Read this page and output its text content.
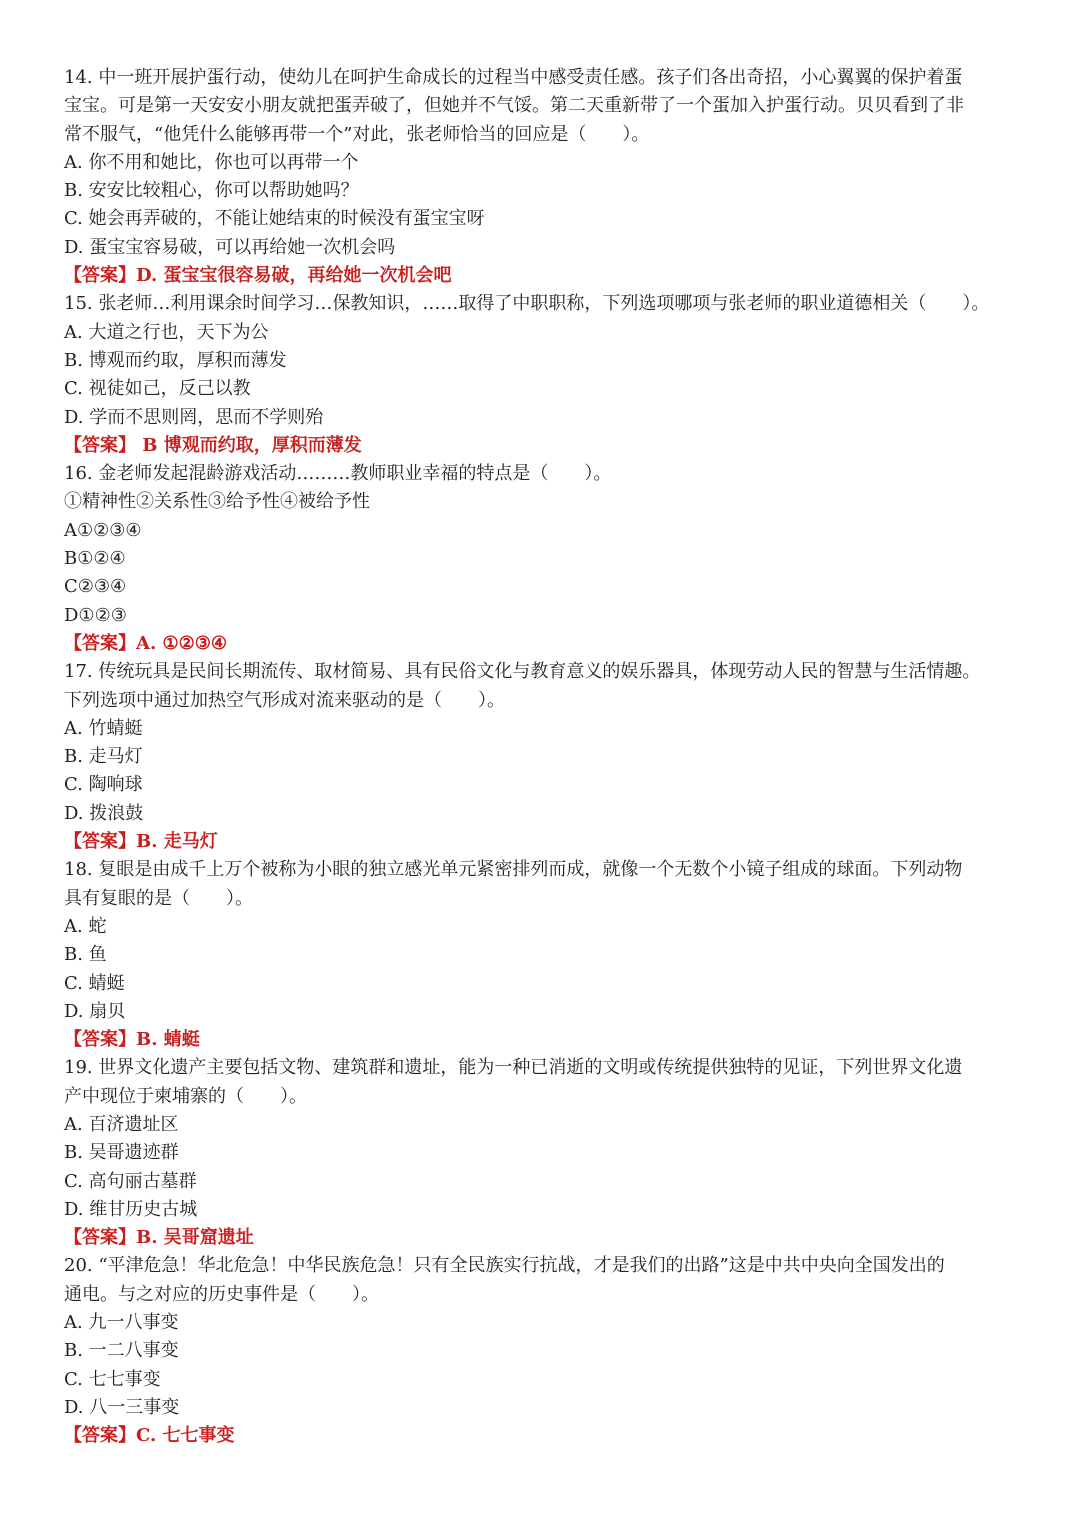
14. 中一班开展护蛋行动，使幼儿在呵护生命成长的过程当中感受责任感。孩子们各出奇招，小心翼翼的保护着蛋

宝宝。可是第一天安安小朋友就把蛋弄破了，但她并不气馁。第二天重新带了一个蛋加入护蛋行动。贝贝看到了非

常不服气，“他凭什么能够再带一个”对此，张老师恰当的回应是（　　）。

A. 你不用和她比，你也可以再带一个

B. 安安比较粗心，你可以帮助她吗？

C. 她会再弄破的，不能让她结束的时候没有蛋宝宝呀

D. 蛋宝宝容易破，可以再给她一次机会吗

【答案】D. 蛋宝宝很容易破，再给她一次机会吧

15. 张老师…利用课余时间学习…保教知识，……取得了中职职称，下列选项哪项与张老师的职业道德相关（　　）。

A. 大道之行也，天下为公

B. 博观而约取，厚积而薄发

C. 视徒如己，反己以教

D. 学而不思则罔，思而不学则殆

【答案】 B 博观而约取，厚积而薄发

16. 金老师发起混龄游戏活动………教师职业幸福的特点是（　　）。

①精神性②关系性③给予性④被给予性

A①②③④

B①②④

C②③④

D①②③

【答案】A. ①②③④

17. 传统玩具是民间长期流传、取材简易、具有民俗文化与教育意义的娱乐器具，体现劳动人民的智慧与生活情趣。

下列选项中通过加热空气形成对流来驱动的是（　　）。

A. 竹蜻蜓

B. 走马灯

C. 陶响球

D. 拨浪鼓

【答案】B. 走马灯

18. 复眼是由成千上万个被称为小眼的独立感光单元紧密排列而成，就像一个无数个小镜子组成的球面。下列动物

具有复眼的是（　　）。

A. 蛇

B. 鱼

C. 蜻蜓

D. 扇贝

【答案】B. 蜻蜓

19. 世界文化遗产主要包括文物、建筑群和遗址，能为一种已消逝的文明或传统提供独特的见证，下列世界文化遗

产中现位于柬埔寨的（　　）。

A. 百济遗址区

B. 吴哥遗迹群

C. 高句丽古墓群

D. 维甘历史古城

【答案】B. 吴哥窟遗址

20. “平津危急！华北危急！中华民族危急！只有全民族实行抗战，才是我们的出路”这是中共中央向全国发出的

通电。与之对应的历史事件是（　　）。

A. 九一八事变

B. 一二八事变

C. 七七事变

D. 八一三事变

【答案】C. 七七事变
